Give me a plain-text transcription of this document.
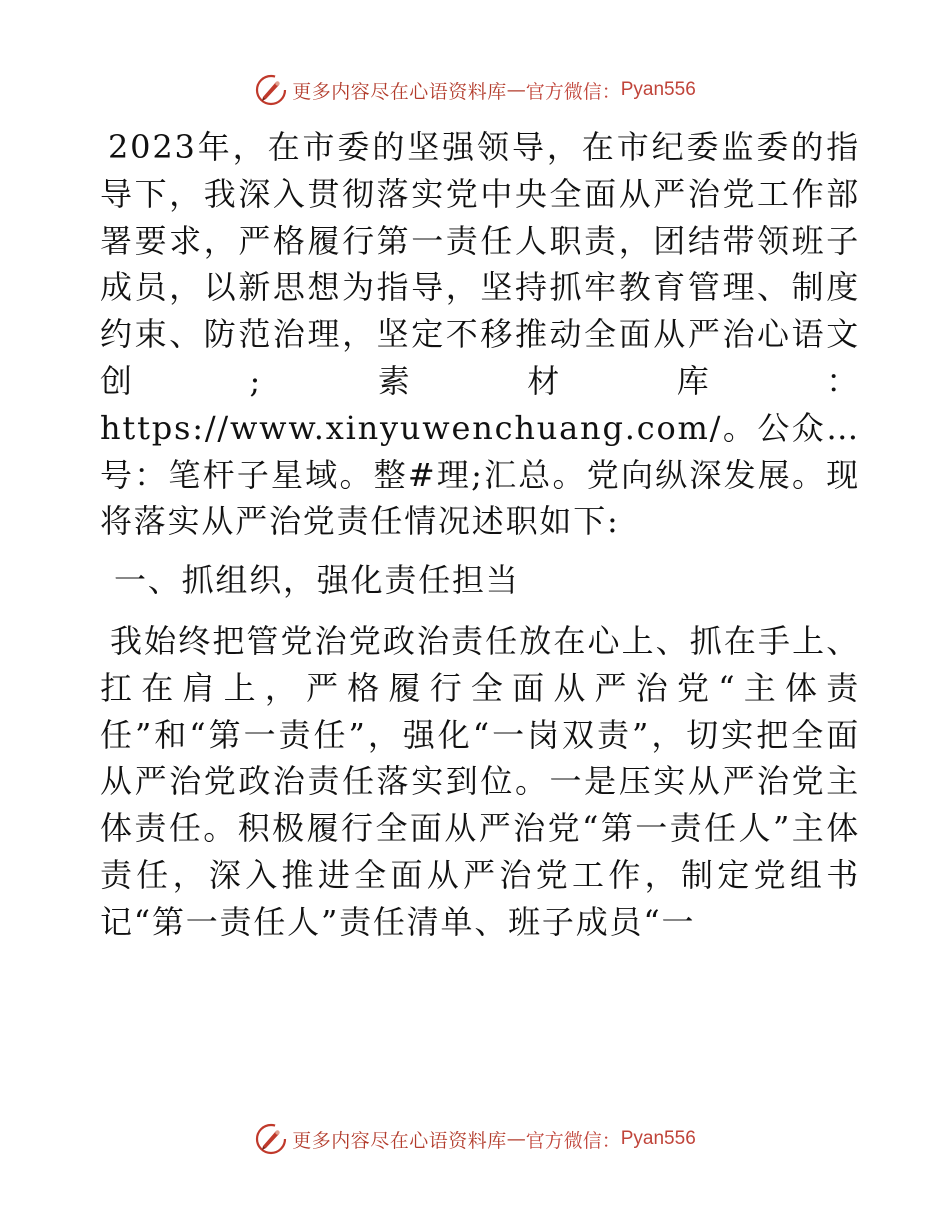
更多内容尽在心语资料库 — 官方微信： Pyan556

2023年，在市委的坚强领导，在市纪委监委的指导下，我深入贯彻落实党中央全面从严治党工作部署要求，严格履行第一责任人职责，团结带领班子成员，以新思想为指导，坚持抓牢教育管理、制度约束、防范治理，坚定不移推动全面从严治心语文创;素材库：https://www.xinyuwenchuang.com/。公众…号：笔杆子星域。整#理;汇总。党向纵深发展。现将落实从严治党责任情况述职如下:

一、抓组织，强化责任担当

我始终把管党治党政治责任放在心上、抓在手上、扛在肩上，严格履行全面从严治党“主体责任”和“第一责任”，强化“一岗双责”，切实把全面从严治党政治责任落实到位。一是压实从严治党主体责任。积极履行全面从严治党“第一责任人”主体责任，深入推进全面从严治党工作，制定党组书记“第一责任人”责任清单、班子成员“一

更多内容尽在心语资料库 — 官方微信： Pyan556
